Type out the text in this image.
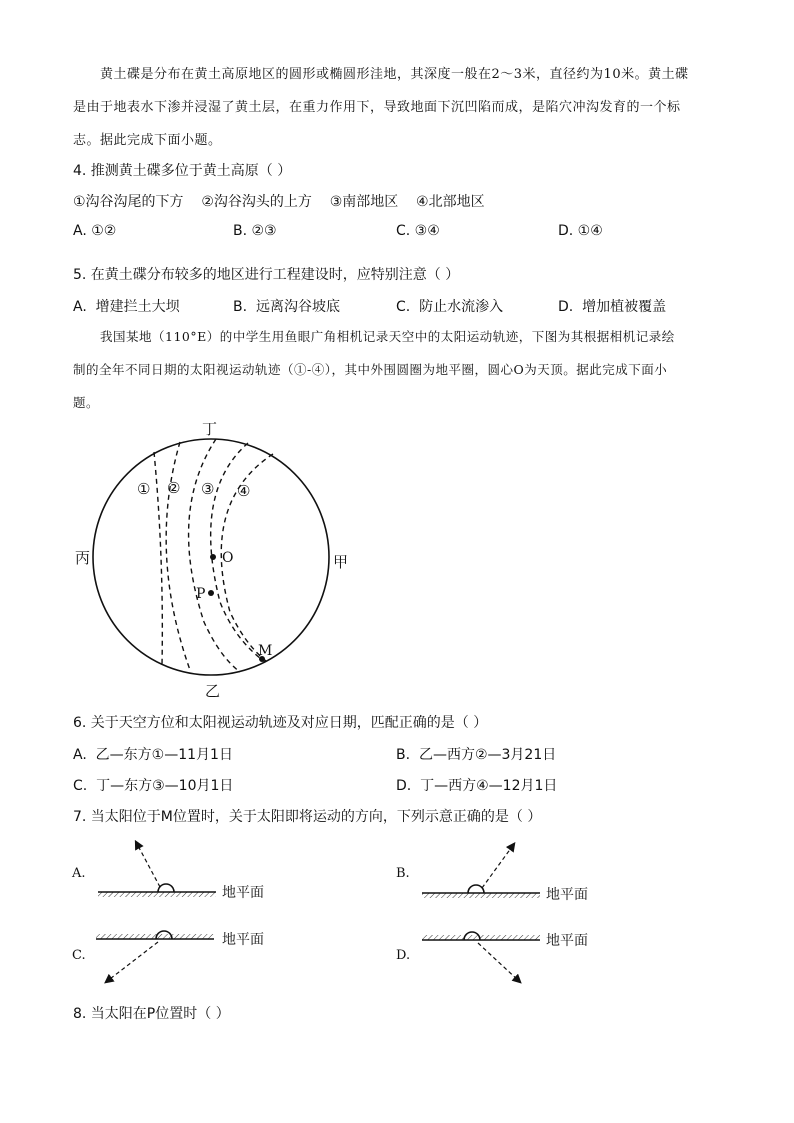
黄土碟是分布在黄土高原地区的圆形或椭圆形洼地，其深度一般在2～3米，直径约为10米。黄土碟
是由于地表水下渗并浸湿了黄土层，在重力作用下，导致地面下沉凹陷而成，是陷穴冲沟发育的一个标
志。据此完成下面小题。
4. 推测黄土碟多位于黄土高原（ ）
①沟谷沟尾的下方    ②沟谷沟头的上方    ③南部地区    ④北部地区
A. ①②	B. ②③	C. ③④	D. ①④
5. 在黄土碟分布较多的地区进行工程建设时，应特别注意（ ）
A.  增建拦土大坝	B.  远离沟谷坡底	C.  防止水流渗入	D.  增加植被覆盖
我国某地（110°E）的中学生用鱼眼广角相机记录天空中的太阳运动轨迹，下图为其根据相机记录绘
制的全年不同日期的太阳视运动轨迹（①-④），其中外围圆圈为地平圈，圆心O为天顶。据此完成下面小
题。
丁
乙
丙	甲
① ② ③ ④
O
P
M
6. 关于天空方位和太阳视运动轨迹及对应日期，匹配正确的是（ ）
A.  乙—东方①—11月1日	B.  乙—西方②—3月21日
C.  丁—东方③—10月1日	D.  丁—西方④—12月1日
7. 当太阳位于M位置时，关于太阳即将运动的方向，下列示意正确的是（ ）
A.
地平面
B.
地平面
C.
地平面
D.
地平面
8. 当太阳在P位置时（ ）
